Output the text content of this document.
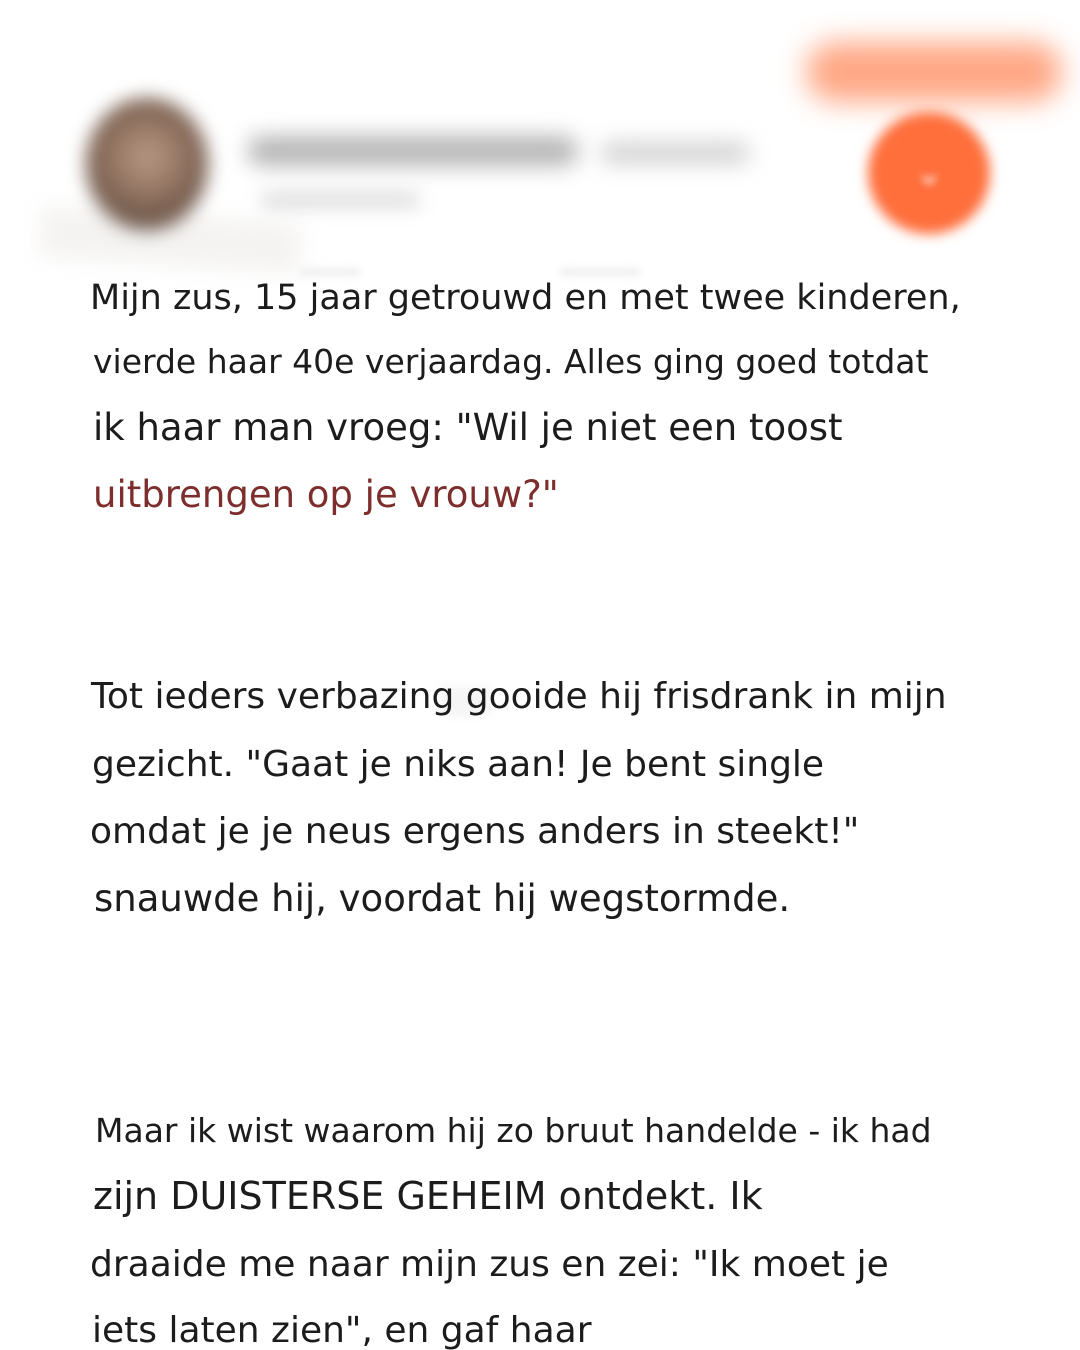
⌄

Mijn zus, 15 jaar getrouwd en met twee kinderen,

vierde haar 40e verjaardag. Alles ging goed totdat

ik haar man vroeg: "Wil je niet een toost

uitbrengen op je vrouw?"

Tot ieders verbazing gooide hij frisdrank in mijn

gezicht. "Gaat je niks aan! Je bent single

omdat je je neus ergens anders in steekt!"

snauwde hij, voordat hij wegstormde.

Maar ik wist waarom hij zo bruut handelde - ik had

zijn DUISTERSE GEHEIM ontdekt. Ik

draaide me naar mijn zus en zei: "Ik moet je

iets laten zien", en gaf haar
